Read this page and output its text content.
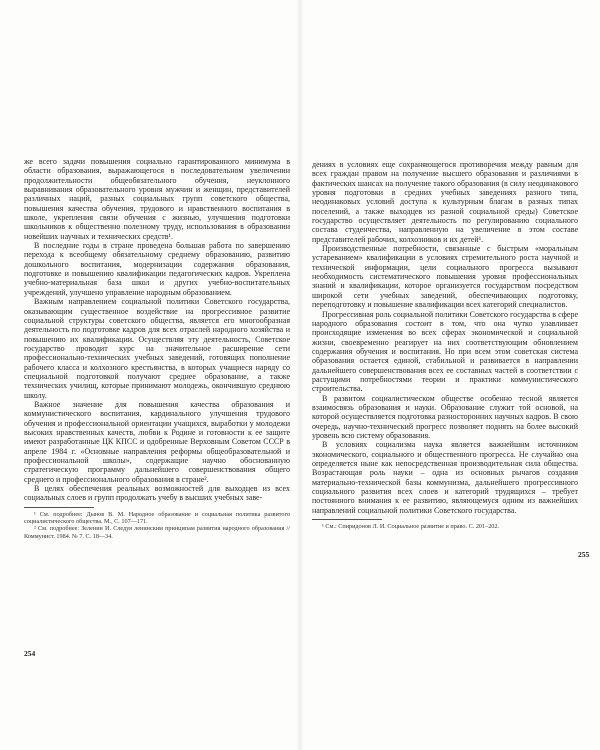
же всего задачи повышения социально гарантированного минимума в области образования, выражающегося в последовательном увеличении продолжительности общеобязательного обучения, неуклонного выравнивания образовательного уровня мужчин и женщин, представителей различных наций, разных социальных групп советского общества, повышения качества обучения, трудового и нравственного воспитания в школе, укрепления связи обучения с жизнью, улучшения подготовки школьников к общественно полезному труду, использования в образовании новейших научных и технических средств¹.

В последние годы в стране проведена большая работа по завершению перехода к всеобщему обязательному среднему образованию, развитию дошкольного воспитания, модернизации содержания образования, подготовке и повышению квалификации педагогических кадров. Укреплена учебно-материальная база школ и других учебно-воспитательных учреждений, улучшено управление народным образованием.

Важным направлением социальной политики Советского государства, оказывающим существенное воздействие на прогрессивное развитие социальной структуры советского общества, является его многообразная деятельность по подготовке кадров для всех отраслей народного хозяйства и повышению их квалификации. Осуществляя эту деятельность, Советское государство проводит курс на значительное расширение сети профессионально-технических учебных заведений, готовящих пополнение рабочего класса и колхозного крестьянства, в которых учащиеся наряду со специальной подготовкой получают среднее образование, а также технических училищ, которые принимают молодежь, окончившую среднюю школу.

Важное значение для повышения качества образования и коммунистического воспитания, кардинального улучшения трудового обучения и профессиональной ориентации учащихся, выработки у молодежи высоких нравственных качеств, любви к Родине и готовности к ее защите имеют разработанные ЦК КПСС и одобренные Верховным Советом СССР в апреле 1984 г. «Основные направления реформы общеобразовательной и профессиональной школы», содержащие научно обоснованную стратегическую программу дальнейшего совершенствования общего среднего и профессионального образования в стране².

В целях обеспечения реальных возможностей для выходцев из всех социальных слоев и групп продолжать учебу в высших учебных заве-

¹ См. подробнее: Дынов В. М. Народное образование и социальная политика развитого социалистического общества. М., С. 107—171.

² См. подробнее: Зеленин И. Следуя ленинским принципам развития народного образования // Коммунист. 1984. № 7. С. 18—34.

254

дениях в условиях еще сохраняющегося противоречия между равным для всех граждан правом на получение высшего образования и различиями в фактических шансах на получение такого образования (в силу неодинакового уровня подготовки в средних учебных заведениях разного типа, неодинаковых условий доступа к культурным благам в разных типах поселений, а также выходцев из разной социальной среды) Советское государство осуществляет деятельность по регулированию социального состава студенчества, направленную на увеличение в этом составе представителей рабочих, колхозников и их детей¹.

Производственные потребности, связанные с быстрым «моральным устареванием» квалификации в условиях стремительного роста научной и технической информации, цели социального прогресса вызывают необходимость систематического повышения уровня профессиональных знаний и квалификации, которое организуется государством посредством широкой сети учебных заведений, обеспечивающих подготовку, переподготовку и повышение квалификации всех категорий специалистов.

Прогрессивная роль социальной политики Советского государства в сфере народного образования состоит в том, что она чутко улавливает происходящие изменения во всех сферах экономической и социальной жизни, своевременно реагирует на них соответствующим обновлением содержания обучения и воспитания. Но при всем этом советская система образования остается единой, стабильной и развивается в направлении дальнейшего совершенствования всех ее составных частей в соответствии с растущими потребностями теории и практики коммунистического строительства.

В развитом социалистическом обществе особенно тесной является взаимосвязь образования и науки. Образование служит той основой, на которой осуществляется подготовка разносторонних научных кадров. В свою очередь, научно-технический прогресс позволяет поднять на более высокий уровень всю систему образования.

В условиях социализма наука является важнейшим источником экономического, социального и общественного прогресса. Не случайно она определяется ныне как непосредственная производительная сила общества. Возрастающая роль науки – одна из основных рычагов создания материально-технической базы коммунизма, дальнейшего прогрессивного социального развития всех слоев и категорий трудящихся – требует постоянного внимания к ее развитию, являющемуся одним из важнейших направлений социальной политики Советского государства.

¹ См.: Спиридонов Л. И. Социальное развитие и право. С. 201–202.

255
